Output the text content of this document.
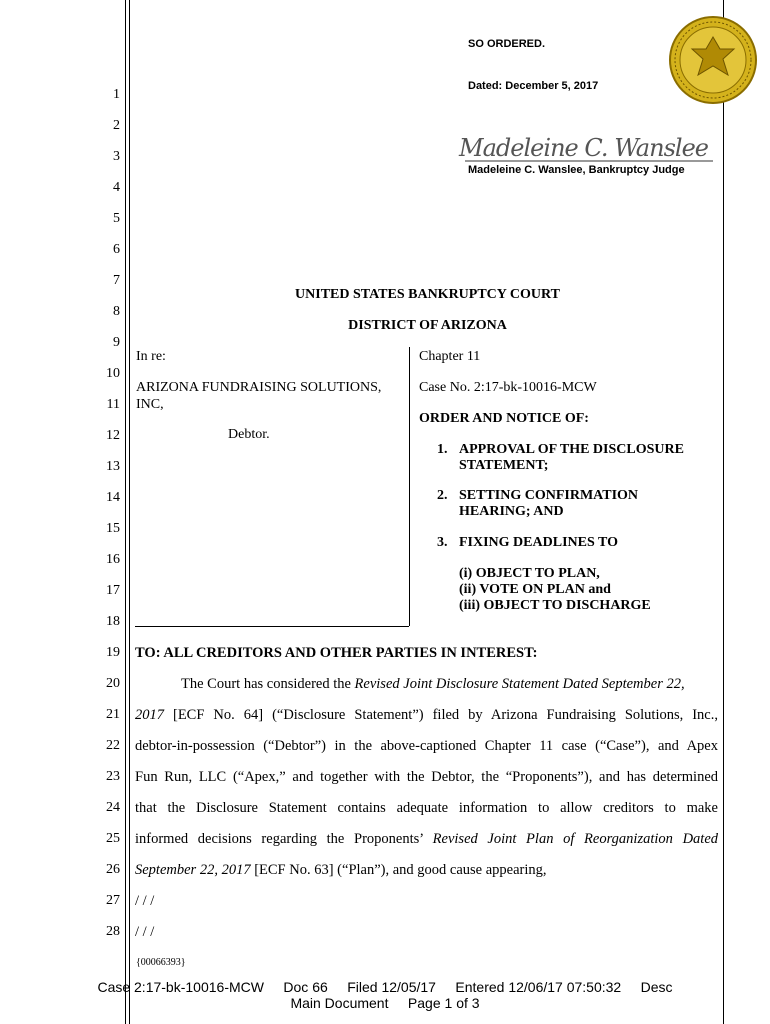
1
2
3
4
5
6
7
8
9
10
11
12
13
14
15
16
17
18
19
20
21
22
23
24
25
26
27
28
SO ORDERED.
Dated: December 5, 2017
Madeleine C. Wanslee
Madeleine C. Wanslee, Bankruptcy Judge
UNITED STATES BANKRUPTCY COURT
DISTRICT OF ARIZONA
In re:
ARIZONA FUNDRAISING SOLUTIONS,
INC,
Debtor.
Chapter 11
Case No. 2:17-bk-10016-MCW
ORDER AND NOTICE OF:
1. APPROVAL OF THE DISCLOSURE
STATEMENT;
2. SETTING CONFIRMATION
HEARING; AND
3. FIXING DEADLINES TO
(i) OBJECT TO PLAN,
(ii) VOTE ON PLAN and
(iii) OBJECT TO DISCHARGE
TO: ALL CREDITORS AND OTHER PARTIES IN INTEREST:
The Court has considered the Revised Joint Disclosure Statement Dated September 22,
2017 [ECF No. 64] (“Disclosure Statement”) filed by Arizona Fundraising Solutions, Inc.,
debtor-in-possession (“Debtor”) in the above-captioned Chapter 11 case (“Case”), and Apex
Fun Run, LLC (“Apex,” and together with the Debtor, the “Proponents”), and has determined
that the Disclosure Statement contains adequate information to allow creditors to make
informed decisions regarding the Proponents’ Revised Joint Plan of Reorganization Dated
September 22, 2017 [ECF No. 63] (“Plan”), and good cause appearing,
/ / /
/ / /
{00066393}
Case 2:17-bk-10016-MCW     Doc 66     Filed 12/05/17     Entered 12/06/17 07:50:32     Desc
Main Document     Page 1 of 3
